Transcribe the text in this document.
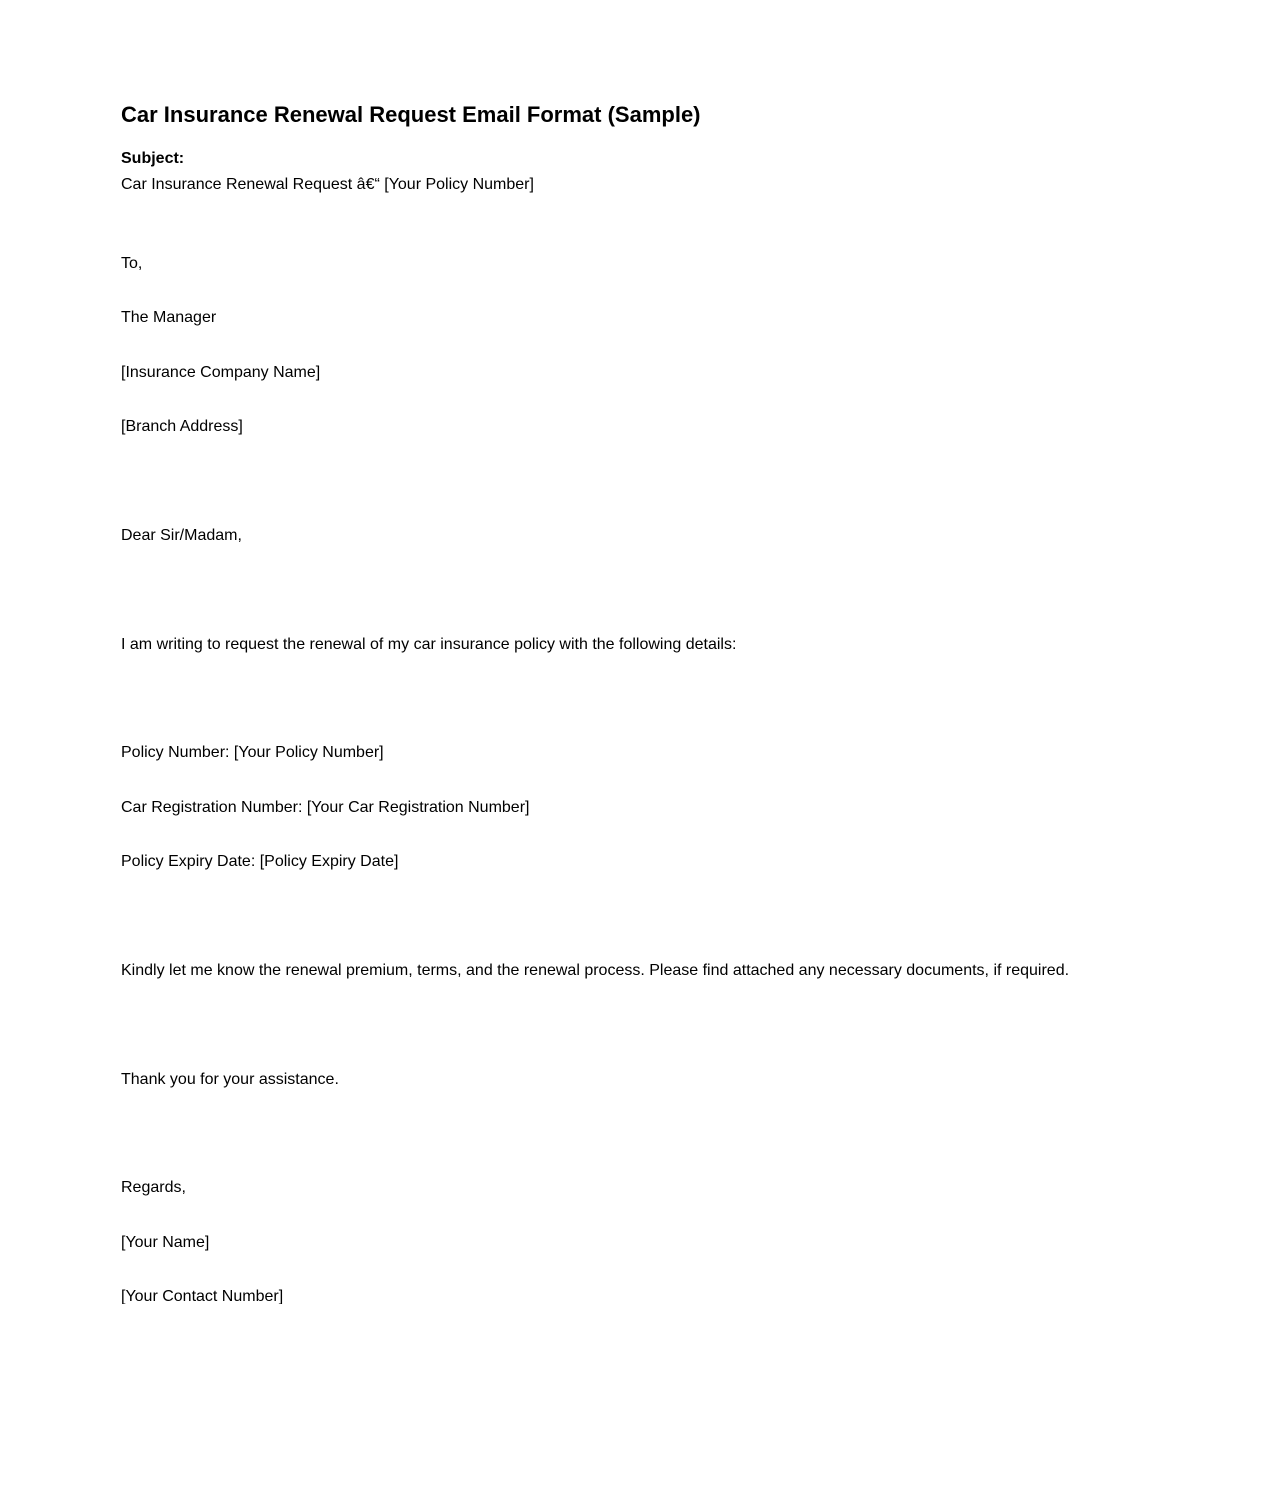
Car Insurance Renewal Request Email Format (Sample)
Subject:
Car Insurance Renewal Request â€“ [Your Policy Number]
To,
The Manager
[Insurance Company Name]
[Branch Address]
Dear Sir/Madam,
I am writing to request the renewal of my car insurance policy with the following details:
Policy Number: [Your Policy Number]
Car Registration Number: [Your Car Registration Number]
Policy Expiry Date: [Policy Expiry Date]
Kindly let me know the renewal premium, terms, and the renewal process. Please find attached any necessary documents, if required.
Thank you for your assistance.
Regards,
[Your Name]
[Your Contact Number]
